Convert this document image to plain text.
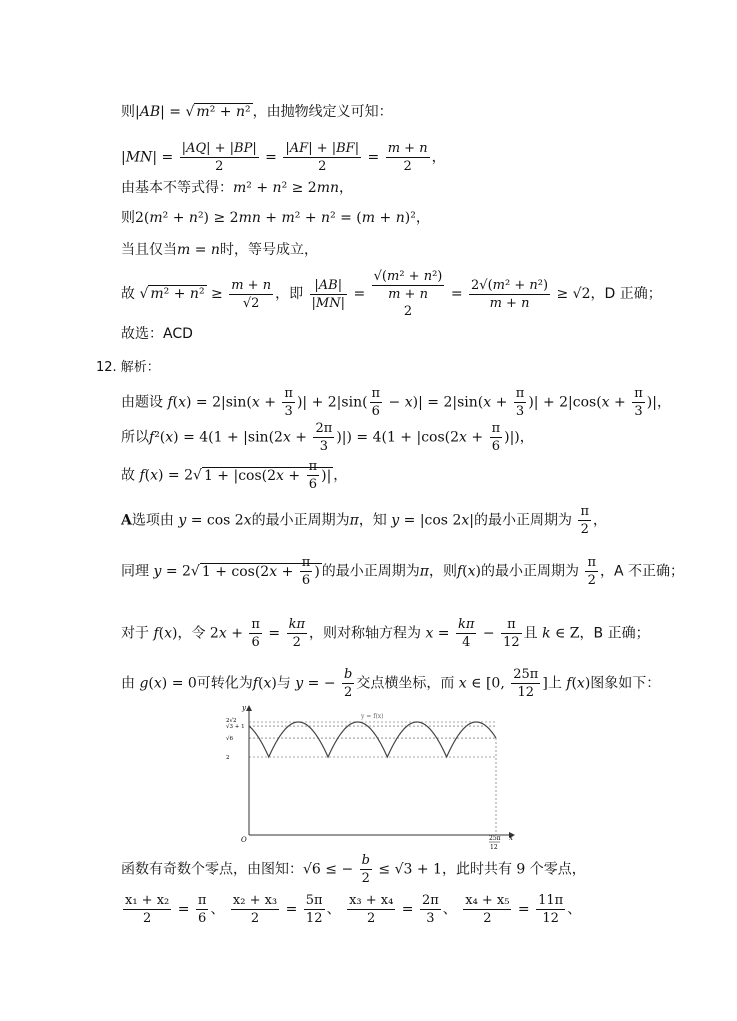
则|AB| = √ m² + n² ，由抛物线定义可知：
$|MN| = \frac{|AQ| + |BP|}{2} = \frac{|AF| + |BF|}{2} = \frac{m + n}{2}$ ，
由基本不等式得：m² + n² ≥ 2mn，
则2(m² + n²) ≥ 2mn + m² + n² = (m + n)²，
当且仅当m = n时，等号成立，
故 √ $m^2 + n^2 \ge \frac{m + n}{√2}$ ，即 $\frac{|AB|}{|MN|}$ =
√(m² + n²)
m + n
2
= $\frac{\text{2√(m² + n²)}}{m + n} \ge √2$，D 正确；
故选：ACD
12. 解析：
由题设 $f(x) = 2|\sin(x + \frac{\pi}{3}$ )| + $2|\sin( \frac{\pi}{6} - x)| = 2|\sin(x + \frac{\pi}{3}$ )| + $2|\cos(x + \frac{\pi}{3}$ )|，
所以$f^2(x) = 4(1 + |\sin(2x + \frac{2\pi}{3}$ )|) = $4(1 + |\cos(2x + \frac{\pi}{6}$ )|)，
故 f(x) = 2√ $1 + |\cos(2x + \frac{\pi}{6}$ )| ，
A选项由 y = cos 2x的最小正周期为π，知 y = |cos 2x|的最小正周期为 $\frac{\pi}{2}$ ，
同理 y = 2√ $1 + \cos(2x + \frac{\pi}{6}$ ) 的最小正周期为π，则f(x)的最小正周期为 $\frac{\pi}{2}$ ，A 不正确；
对于 f(x)，令 $2x + \frac{\pi}{6} = \frac{k\pi}{2}$ ，则对称轴方程为 $x = \frac{k\pi}{4} - \frac{\pi}{12}$ 且 k ∈ Z，B 正确；
由 g(x) = 0可转化为f(x)与 y = − $\frac{b}{2}$ 交点横坐标，而 x ∈ [0, $\frac{25\pi}{12}$ ]上 f(x)图象如下：
y
x
O
y = f(x)
25π
12
2√2
√3 + 1
√6
2
函数有奇数个零点，由图知：√6 ≤ − $\frac{b}{2} \le √3 + 1$，此时共有 9 个零点，
$\frac{\text{x₁ + x₂}}{2} = \frac{\pi}{6}$ 、 $\frac{\text{x₂ + x₃}}{2} = \frac{5\pi}{12}$ 、 $\frac{\text{x₃ + x₄}}{2} = \frac{2\pi}{3}$ 、 $\frac{\text{x₄ + x₅}}{2} = \frac{11\pi}{12}$ 、
